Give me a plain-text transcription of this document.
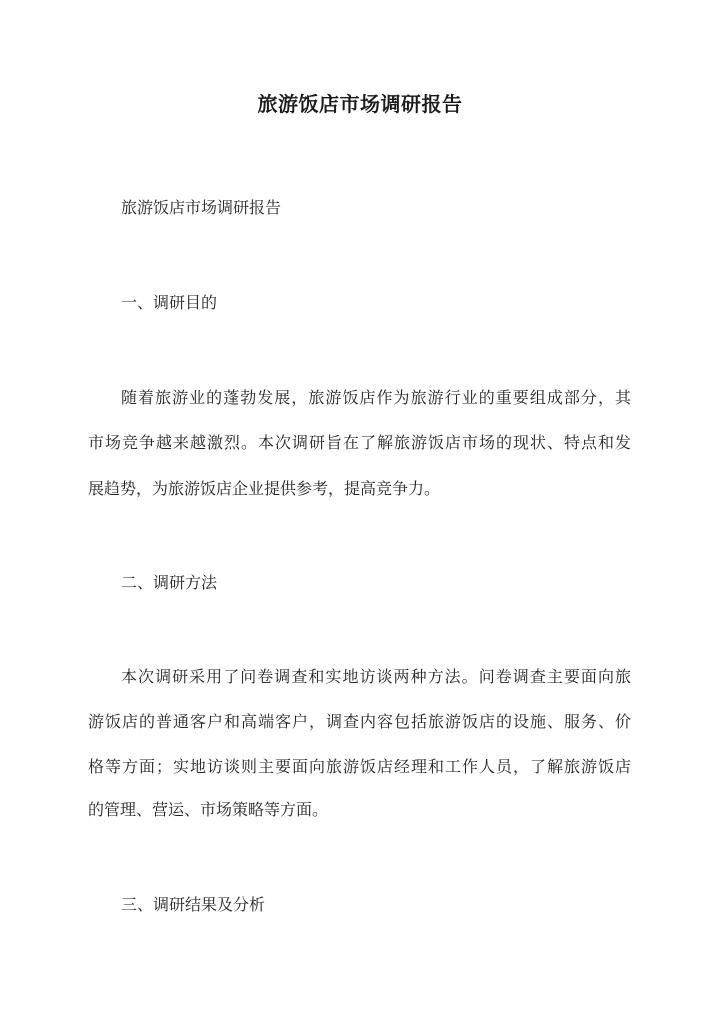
旅游饭店市场调研报告
旅游饭店市场调研报告
一、调研目的
随着旅游业的蓬勃发展，旅游饭店作为旅游行业的重要组成部分，其
市场竞争越来越激烈。本次调研旨在了解旅游饭店市场的现状、特点和发
展趋势，为旅游饭店企业提供参考，提高竞争力。
二、调研方法
本次调研采用了问卷调查和实地访谈两种方法。问卷调查主要面向旅
游饭店的普通客户和高端客户，调查内容包括旅游饭店的设施、服务、价
格等方面；实地访谈则主要面向旅游饭店经理和工作人员，了解旅游饭店
的管理、营运、市场策略等方面。
三、调研结果及分析
